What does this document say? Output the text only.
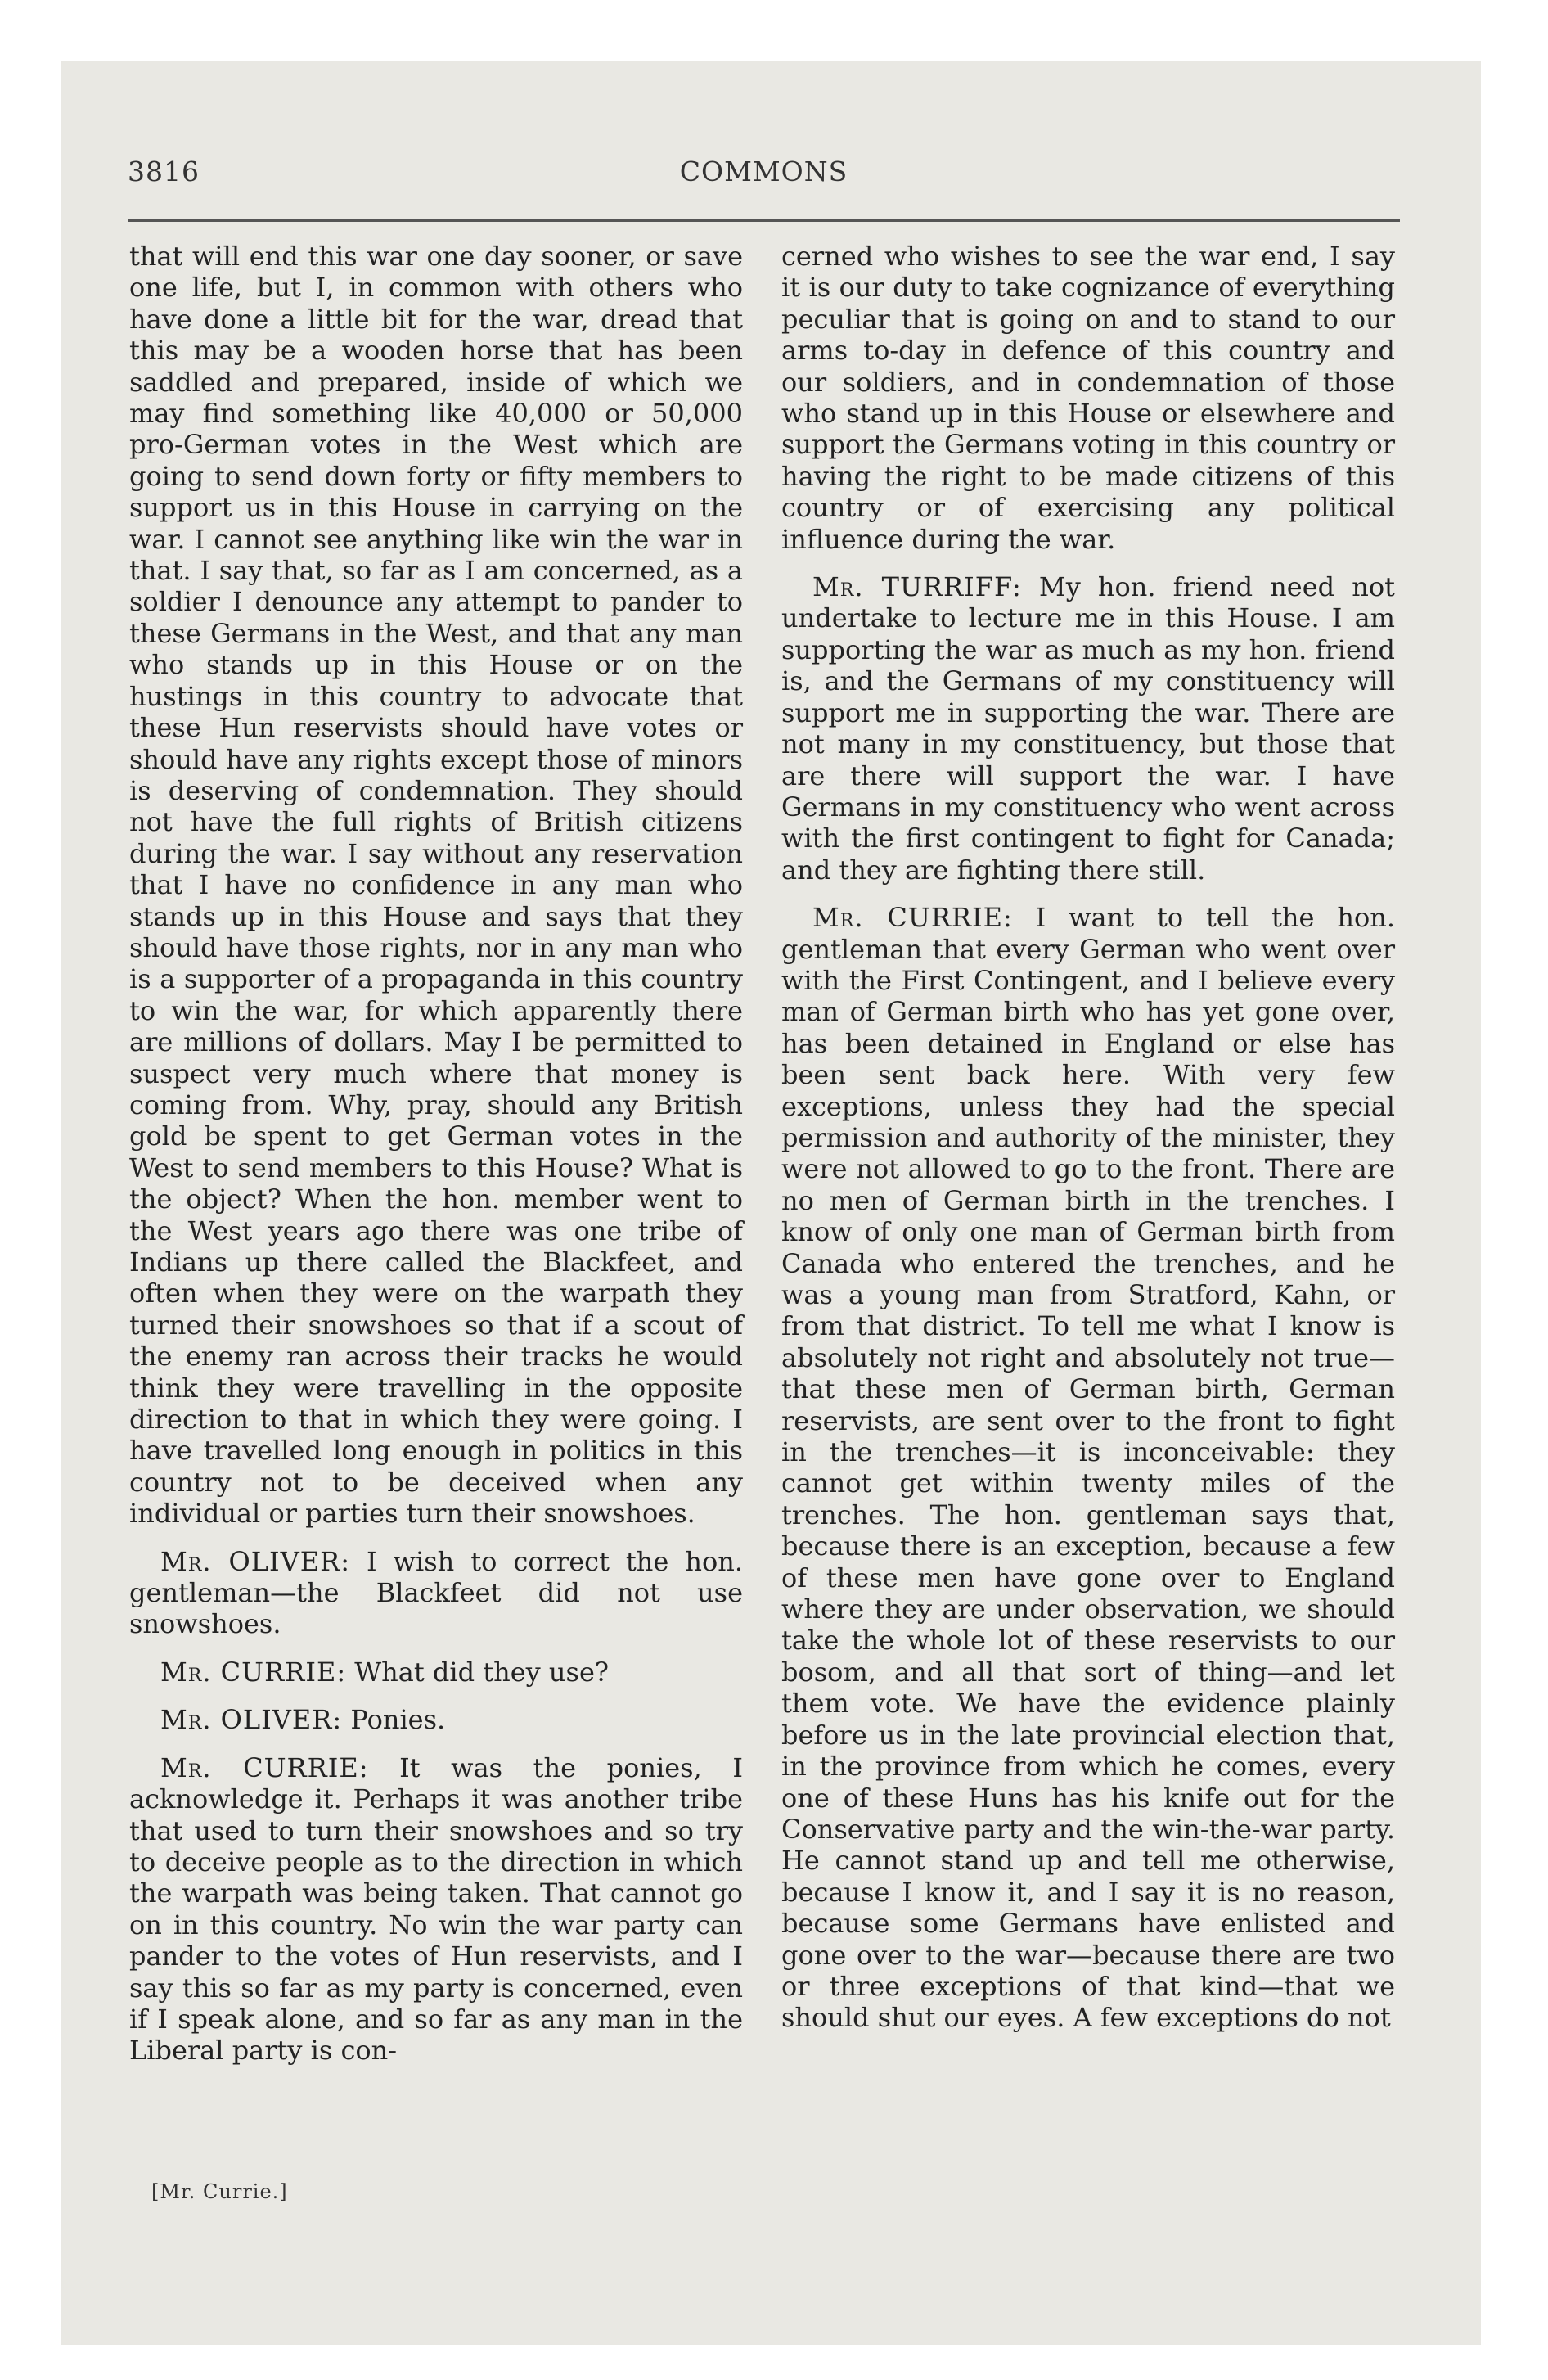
3816	COMMONS

that will end this war one day sooner, or save one life, but I, in common with others who have done a little bit for the war, dread that this may be a wooden horse that has been saddled and prepared, inside of which we may find something like 40,000 or 50,000 pro-German votes in the West which are going to send down forty or fifty members to support us in this House in carrying on the war. I cannot see anything like win the war in that. I say that, so far as I am concerned, as a soldier I denounce any attempt to pander to these Germans in the West, and that any man who stands up in this House or on the hustings in this country to advocate that these Hun reservists should have votes or should have any rights except those of minors is deserving of condemnation. They should not have the full rights of British citizens during the war. I say without any reservation that I have no confidence in any man who stands up in this House and says that they should have those rights, nor in any man who is a supporter of a propaganda in this country to win the war, for which apparently there are millions of dollars. May I be permitted to suspect very much where that money is coming from. Why, pray, should any British gold be spent to get German votes in the West to send members to this House? What is the object? When the hon. member went to the West years ago there was one tribe of Indians up there called the Blackfeet, and often when they were on the warpath they turned their snowshoes so that if a scout of the enemy ran across their tracks he would think they were travelling in the opposite direction to that in which they were going. I have travelled long enough in politics in this country not to be deceived when any individual or parties turn their snowshoes.

Mr. OLIVER: I wish to correct the hon. gentleman—the Blackfeet did not use snowshoes.

Mr. CURRIE: What did they use?

Mr. OLIVER: Ponies.

Mr. CURRIE: It was the ponies, I acknowledge it. Perhaps it was another tribe that used to turn their snowshoes and so try to deceive people as to the direction in which the warpath was being taken. That cannot go on in this country. No win the war party can pander to the votes of Hun reservists, and I say this so far as my party is concerned, even if I speak alone, and so far as any man in the Liberal party is con-

cerned who wishes to see the war end, I say it is our duty to take cognizance of everything peculiar that is going on and to stand to our arms to-day in defence of this country and our soldiers, and in condemnation of those who stand up in this House or elsewhere and support the Germans voting in this country or having the right to be made citizens of this country or of exercising any political influence during the war.

Mr. TURRIFF: My hon. friend need not undertake to lecture me in this House. I am supporting the war as much as my hon. friend is, and the Germans of my constituency will support me in supporting the war. There are not many in my constituency, but those that are there will support the war. I have Germans in my constituency who went across with the first contingent to fight for Canada; and they are fighting there still.

Mr. CURRIE: I want to tell the hon. gentleman that every German who went over with the First Contingent, and I believe every man of German birth who has yet gone over, has been detained in England or else has been sent back here. With very few exceptions, unless they had the special permission and authority of the minister, they were not allowed to go to the front. There are no men of German birth in the trenches. I know of only one man of German birth from Canada who entered the trenches, and he was a young man from Stratford, Kahn, or from that district. To tell me what I know is absolutely not right and absolutely not true—that these men of German birth, German reservists, are sent over to the front to fight in the trenches—it is inconceivable: they cannot get within twenty miles of the trenches. The hon. gentleman says that, because there is an exception, because a few of these men have gone over to England where they are under observation, we should take the whole lot of these reservists to our bosom, and all that sort of thing—and let them vote. We have the evidence plainly before us in the late provincial election that, in the province from which he comes, every one of these Huns has his knife out for the Conservative party and the win-the-war party. He cannot stand up and tell me otherwise, because I know it, and I say it is no reason, because some Germans have enlisted and gone over to the war—because there are two or three exceptions of that kind—that we should shut our eyes. A few exceptions do not

[Mr. Currie.]
